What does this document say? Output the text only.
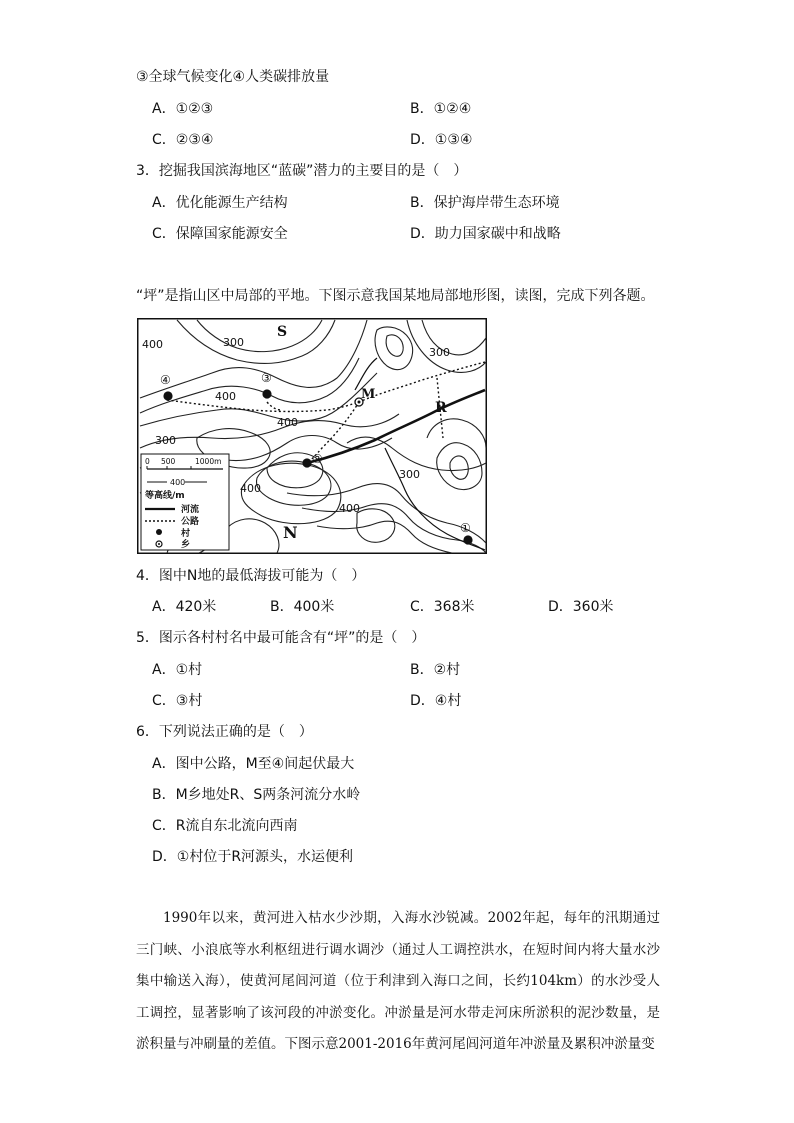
③全球气候变化④人类碳排放量
A．①②③	B．①②④
C．②③④	D．①③④
3．挖掘我国滨海地区“蓝碳”潜力的主要目的是（　）
A．优化能源生产结构	B．保护海岸带生态环境
C．保障国家能源安全	D．助力国家碳中和战略
“坪”是指山区中局部的平地。下图示意我国某地局部地形图，读图，完成下列各题。
400	300
300
400
400
300
400
400
300
S
R
M
N
④	③
②
①
0 500	1000m
400
等高线/m
河流
公路
村
乡
4．图中N地的最低海拔可能为（　）
A．420米	B．400米	C．368米	D．360米
5．图示各村村名中最可能含有“坪”的是（　）
A．①村	B．②村
C．③村	D．④村
6．下列说法正确的是（　）
A．图中公路，M至④间起伏最大
B．M乡地处R、S两条河流分水岭
C．R流自东北流向西南
D．①村位于R河源头，水运便利
1990年以来，黄河进入枯水少沙期，入海水沙锐减。2002年起，每年的汛期通过三门峡、小浪底等水利枢纽进行调水调沙（通过人工调控洪水，在短时间内将大量水沙集中输送入海），使黄河尾闾河道（位于利津到入海口之间，长约104km）的水沙受人工调控，显著影响了该河段的冲淤变化。冲淤量是河水带走河床所淤积的泥沙数量，是淤积量与冲刷量的差值。下图示意2001-2016年黄河尾闾河道年冲淤量及累积冲淤量变
